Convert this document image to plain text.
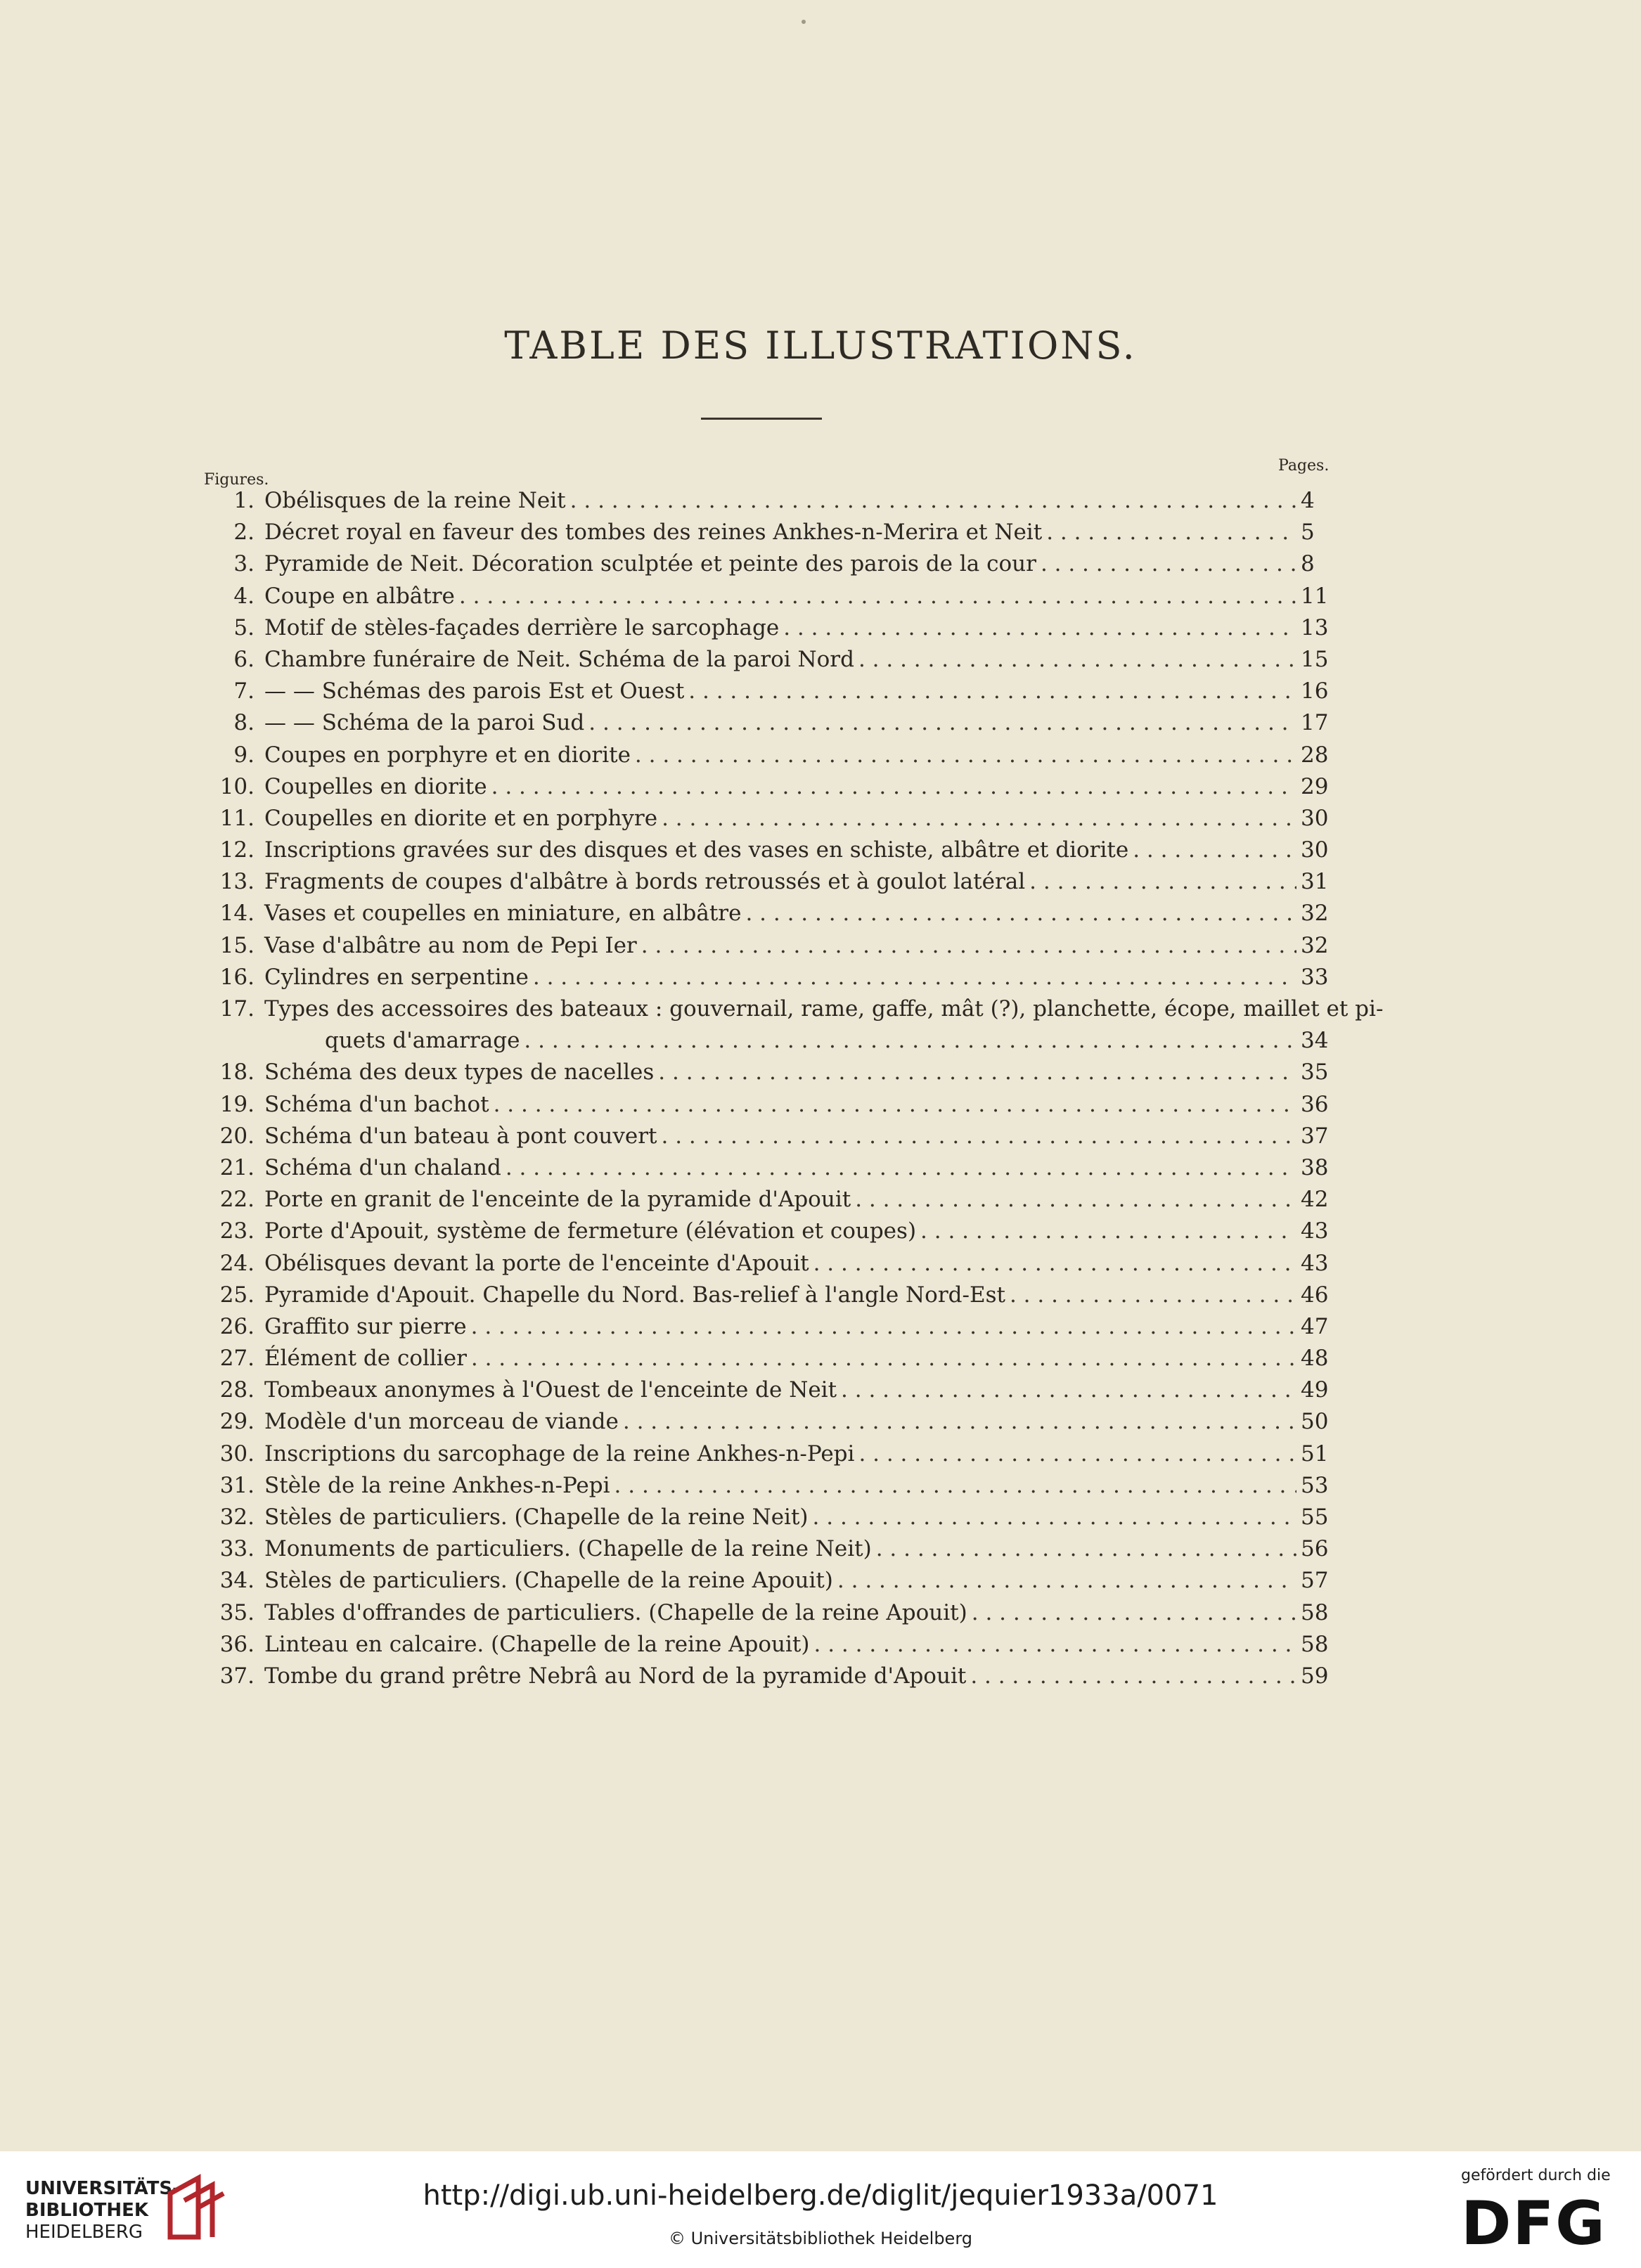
TABLE DES ILLUSTRATIONS.
Figures.
Pages.
1. Obélisques de la reine Neit . . .	4
2. Décret royal en faveur des tombes des reines Ankhes-n-Merira et Neit . . .	5
3. Pyramide de Neit. Décoration sculptée et peinte des parois de la cour . . .	8
4. Coupe en albâtre . . .	11
5. Motif de stèles-façades derrière le sarcophage . . .	13
6. Chambre funéraire de Neit. Schéma de la paroi Nord . . .	15
7. — — Schémas des parois Est et Ouest . . .	16
8. — — Schéma de la paroi Sud . . .	17
9. Coupes en porphyre et en diorite . . .	28
10. Coupelles en diorite . . .	29
11. Coupelles en diorite et en porphyre . . .	30
12. Inscriptions gravées sur des disques et des vases en schiste, albâtre et diorite . . .	30
13. Fragments de coupes d'albâtre à bords retroussés et à goulot latéral . . .	31
14. Vases et coupelles en miniature, en albâtre . . .	32
15. Vase d'albâtre au nom de Pepi Ier . . .	32
16. Cylindres en serpentine . . .	33
17. Types des accessoires des bateaux : gouvernail, rame, gaffe, mât (?), planchette, écope, maillet et pi-
quets d'amarrage . . .	34
18. Schéma des deux types de nacelles . . .	35
19. Schéma d'un bachot . . .	36
20. Schéma d'un bateau à pont couvert . . .	37
21. Schéma d'un chaland . . .	38
22. Porte en granit de l'enceinte de la pyramide d'Apouit . . .	42
23. Porte d'Apouit, système de fermeture (élévation et coupes) . . .	43
24. Obélisques devant la porte de l'enceinte d'Apouit . . .	43
25. Pyramide d'Apouit. Chapelle du Nord. Bas-relief à l'angle Nord-Est . . .	46
26. Graffito sur pierre . . .	47
27. Élément de collier . . .	48
28. Tombeaux anonymes à l'Ouest de l'enceinte de Neit . . .	49
29. Modèle d'un morceau de viande . . .	50
30. Inscriptions du sarcophage de la reine Ankhes-n-Pepi . . .	51
31. Stèle de la reine Ankhes-n-Pepi . . .	53
32. Stèles de particuliers. (Chapelle de la reine Neit) . . .	55
33. Monuments de particuliers. (Chapelle de la reine Neit) . . .	56
34. Stèles de particuliers. (Chapelle de la reine Apouit) . . .	57
35. Tables d'offrandes de particuliers. (Chapelle de la reine Apouit) . . .	58
36. Linteau en calcaire. (Chapelle de la reine Apouit) . . .	58
37. Tombe du grand prêtre Nebrâ au Nord de la pyramide d'Apouit . . .	59
UNIVERSITÄTS-
BIBLIOTHEK
HEIDELBERG
http://digi.ub.uni-heidelberg.de/diglit/jequier1933a/0071
© Universitätsbibliothek Heidelberg
gefördert durch die
DFG
